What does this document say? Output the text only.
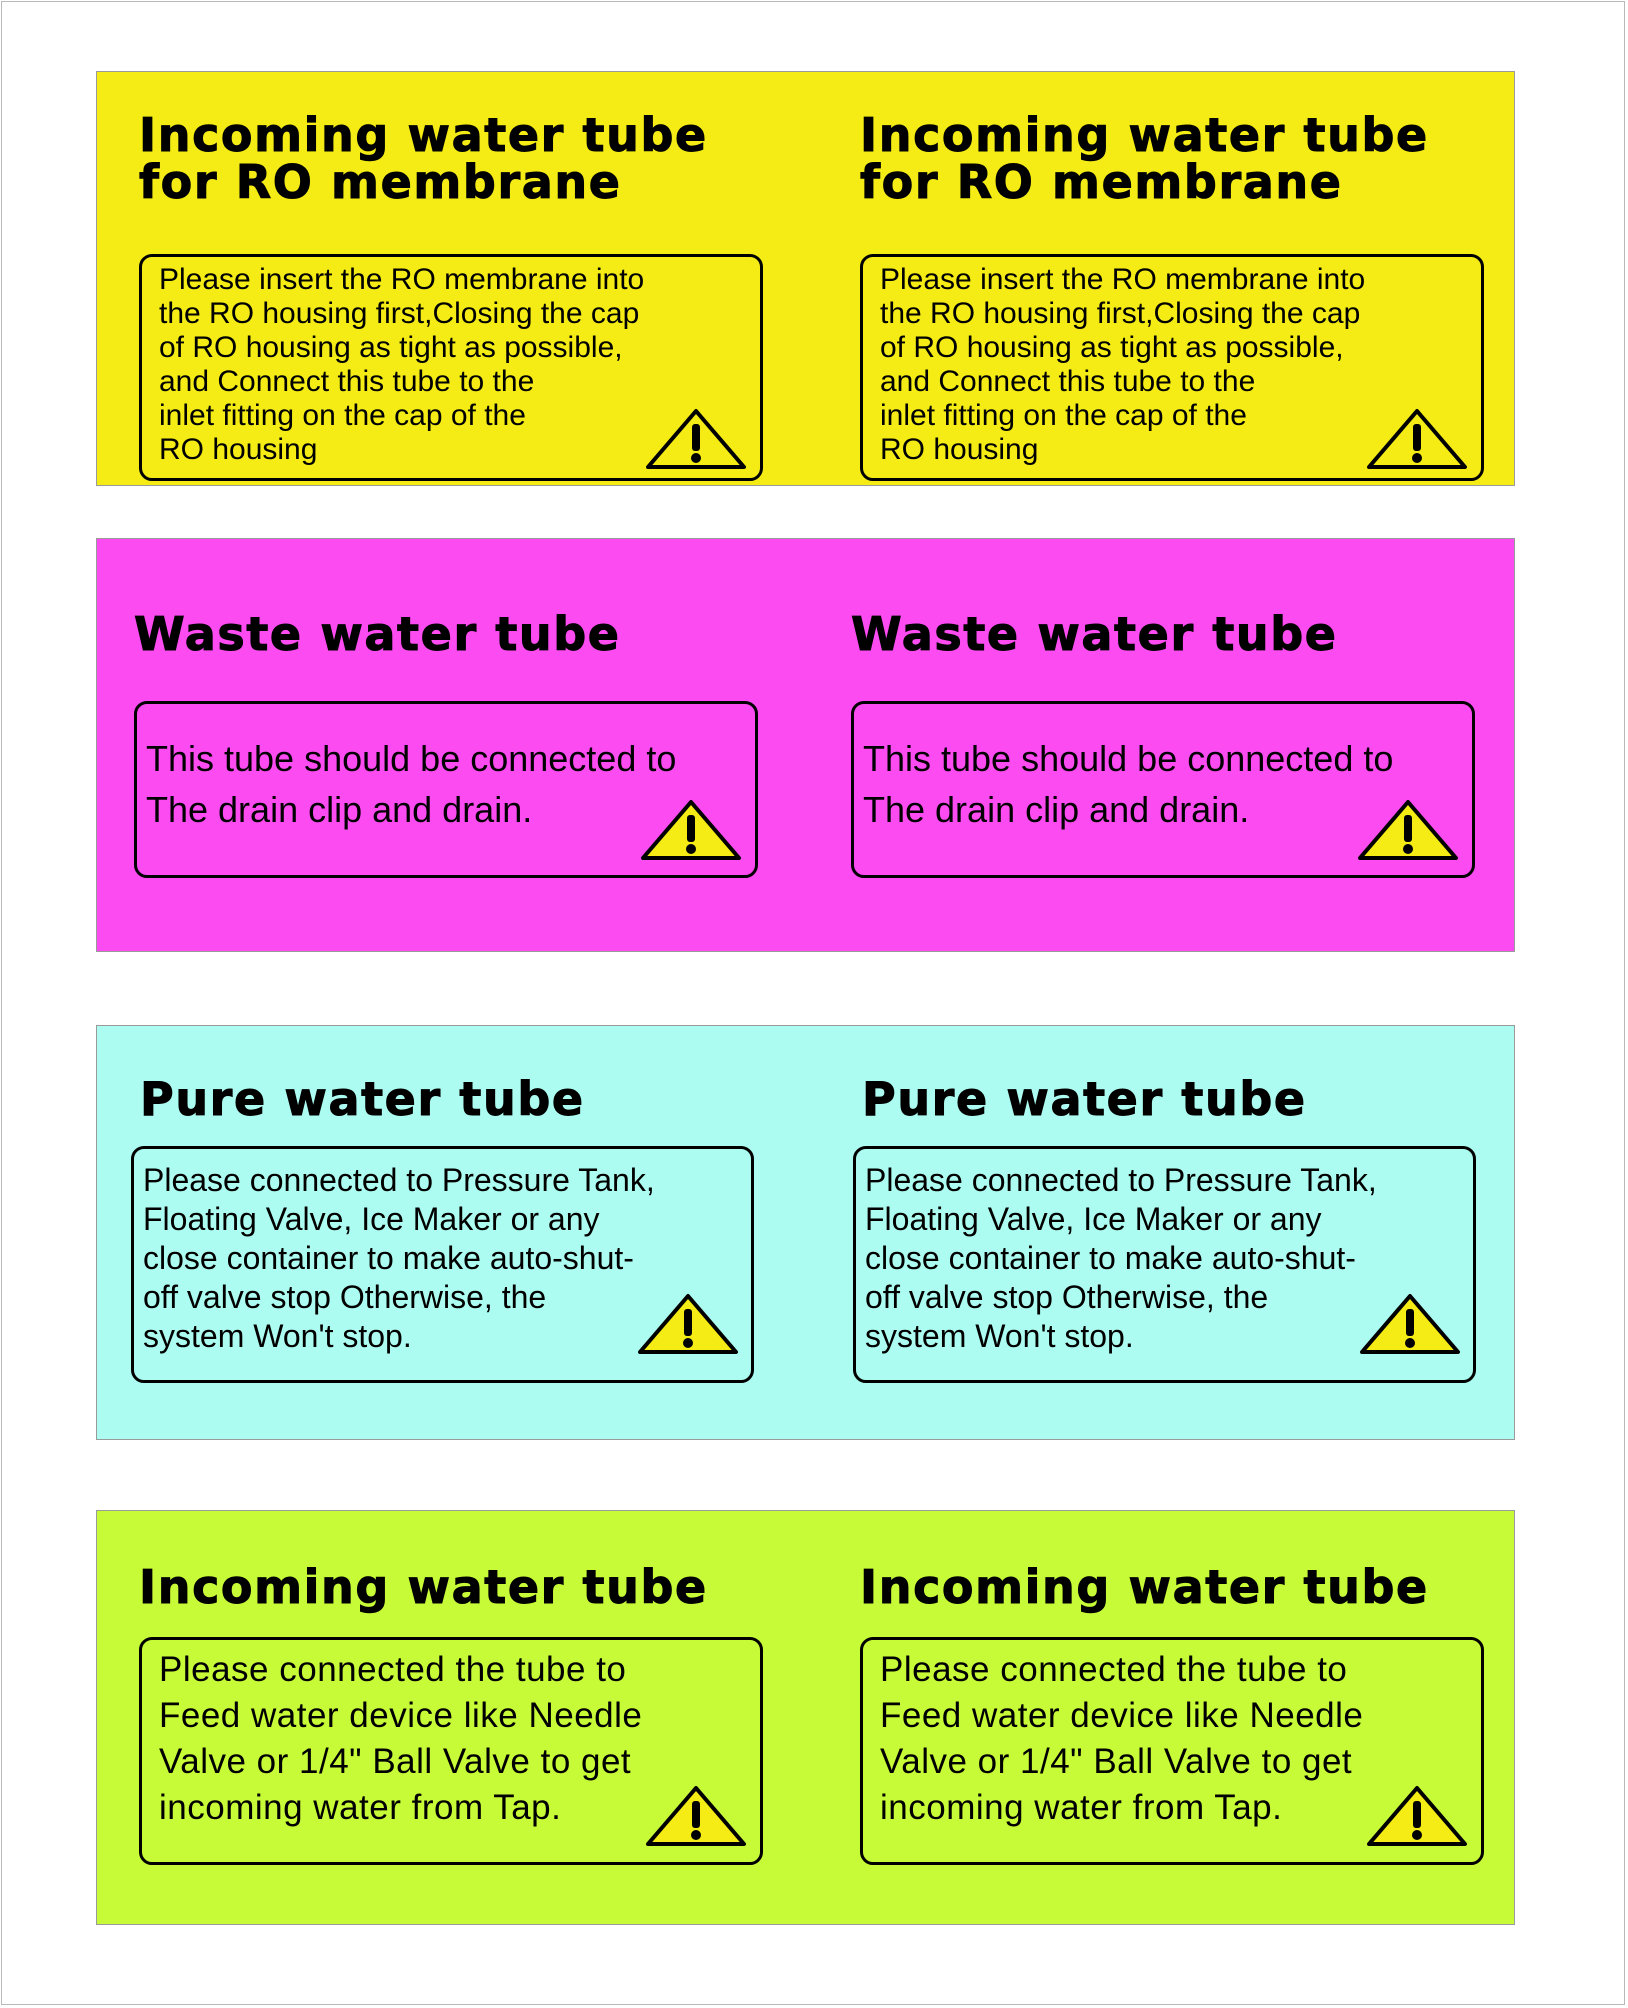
Incoming water tube
for RO membrane
Please insert the RO membrane into
the RO housing first,Closing the cap
of RO housing as tight as possible,
and Connect this tube to the
inlet fitting on the cap of the
RO housing
Incoming water tube
for RO membrane
Please insert the RO membrane into
the RO housing first,Closing the cap
of RO housing as tight as possible,
and Connect this tube to the
inlet fitting on the cap of the
RO housing
Waste water tube
This tube should be connected to
The drain clip and drain.
Waste water tube
This tube should be connected to
The drain clip and drain.
Pure water tube
Please connected to Pressure Tank,
Floating Valve, Ice Maker or any
close container to make auto-shut-
off valve stop Otherwise, the
system Won't stop.
Pure water tube
Please connected to Pressure Tank,
Floating Valve, Ice Maker or any
close container to make auto-shut-
off valve stop Otherwise, the
system Won't stop.
Incoming water tube
Please connected the tube to
Feed water device like Needle
Valve or 1/4" Ball Valve to get
incoming water from Tap.
Incoming water tube
Please connected the tube to
Feed water device like Needle
Valve or 1/4" Ball Valve to get
incoming water from Tap.
